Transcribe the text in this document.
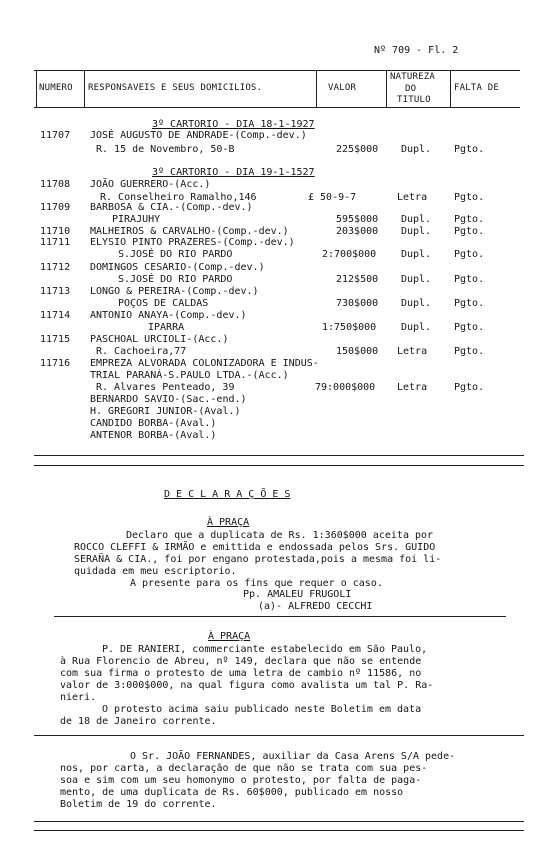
Nº 709 - Fl. 2
NUMERO RESPONSAVEIS E SEUS DOMICILIOS.	VALOR
NATUREZA
DO
TITULO
FALTA DE
3º CARTORIO - DIA 18-1-1927
11707 JOSÉ AUGUSTO DE ANDRADE-(Comp.-dev.)
R. 15 de Novembro, 50-B	225$000 Dupl. Pgto.
3º CARTORIO - DIA 19-1-1527
11708 JOÃO GUERRERO-(Acc.)
R. Conselheiro Ramalho,146	£ 50-9-7	Letra	Pgto.
11709 BARBOSA & CIA.-(Comp.-dev.)
PIRAJUHY	595$000 Dupl. Pgto.
11710 MALHEIROS & CARVALHO-(Comp.-dev.)	203$000 Dupl. Pgto.
11711 ELYSIO PINTO PRAZERES-(Comp.-dev.)
S.JOSÉ DO RIO PARDO	2:700$000 Dupl. Pgto.
11712 DOMINGOS CESARIO-(Comp.-dev.)
S.JOSÉ DO RIO PARDO	212$500 Dupl. Pgto.
11713 LONGO & PEREIRA-(Comp.-dev.)
POÇOS DE CALDAS	730$000 Dupl. Pgto.
11714 ANTONIO ANAYA-(Comp.-dev.)
IPARRA	1:750$000 Dupl. Pgto.
11715 PASCHOAL URCIOLI-(Acc.)
R. Cachoeira,77	150$000 Letra	Pgto.
11716 EMPREZA ALVORADA COLONIZADORA E INDUS-
TRIAL PARANÁ-S.PAULO LTDA.-(Acc.)
R. Alvares Penteado, 39	79:000$000 Letra	Pgto.
BERNARDO SAVIO-(Sac.-end.)
H. GREGORI JUNIOR-(Aval.)
CANDIDO BORBA-(Aval.)
ANTENOR BORBA-(Aval.)
D E C L A R A Ç Õ E S
À PRAÇA
Declaro que a duplicata de Rs. 1:360$000 aceita por
ROCCO CLEFFI & IRMÃO e emittida e endossada pelos Srs. GUIDO
SERAÑA & CIA., foi por engano protestada,pois a mesma foi li-
quidada em meu escriptorio.
A presente para os fins que requer o caso.
Pp. AMALEU FRUGOLI
(a)- ALFREDO CECCHI
À PRAÇA
P. DE RANIERI, commerciante estabelecido em São Paulo,
à Rua Florencio de Abreu, nº 149, declara que não se entende
com sua firma o protesto de uma letra de cambio nº 11586, no
valor de 3:000$000, na qual figura como avalista um tal P. Ra-
nieri.
O protesto acima saiu publicado neste Boletim em data
de 18 de Janeiro corrente.
O Sr. JOÃO FERNANDES, auxiliar da Casa Arens S/A pede-
nos, por carta, a declaração de que não se trata com sua pes-
soa e sim com um seu homonymo o protesto, por falta de paga-
mento, de uma duplicata de Rs. 60$000, publicado em nosso
Boletim de 19 do corrente.
